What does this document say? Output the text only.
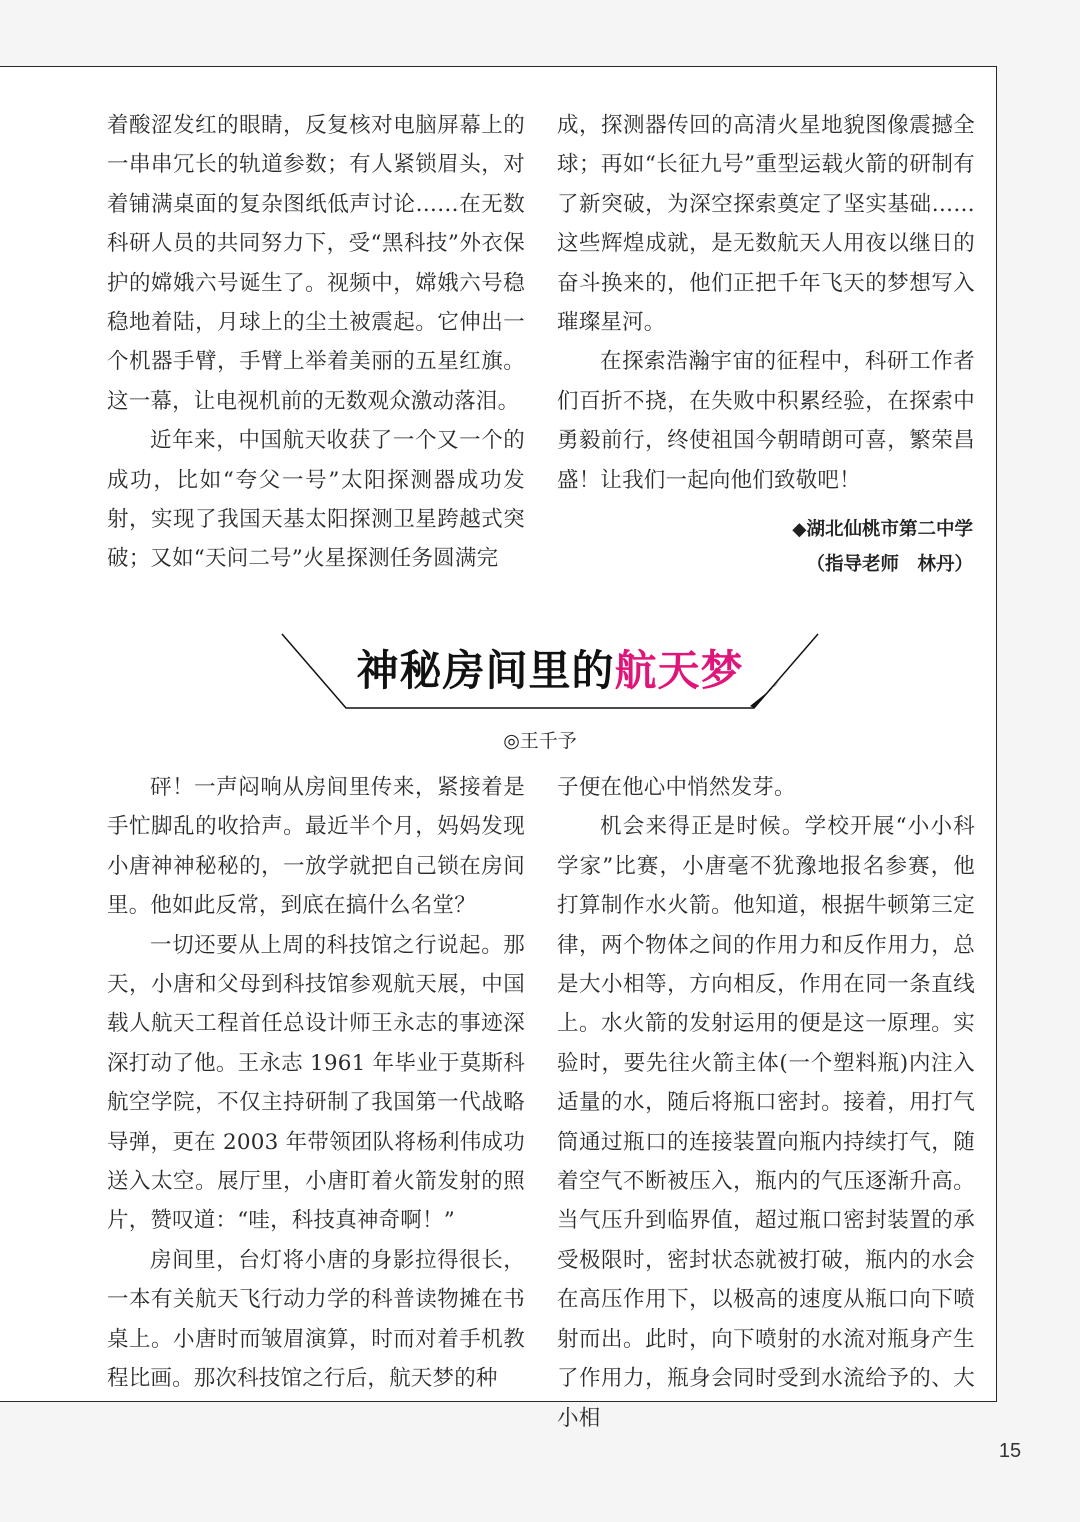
着酸涩发红的眼睛，反复核对电脑屏幕上的一串串冗长的轨道参数；有人紧锁眉头，对着铺满桌面的复杂图纸低声讨论……在无数科研人员的共同努力下，受“黑科技”外衣保护的嫦娥六号诞生了。视频中，嫦娥六号稳稳地着陆，月球上的尘土被震起。它伸出一个机器手臂，手臂上举着美丽的五星红旗。这一幕，让电视机前的无数观众激动落泪。

近年来，中国航天收获了一个又一个的成功，比如“夸父一号”太阳探测器成功发射，实现了我国天基太阳探测卫星跨越式突破；又如“天问二号”火星探测任务圆满完

成，探测器传回的高清火星地貌图像震撼全球；再如“长征九号”重型运载火箭的研制有了新突破，为深空探索奠定了坚实基础……这些辉煌成就，是无数航天人用夜以继日的奋斗换来的，他们正把千年飞天的梦想写入璀璨星河。

在探索浩瀚宇宙的征程中，科研工作者们百折不挠，在失败中积累经验，在探索中勇毅前行，终使祖国今朝晴朗可喜，繁荣昌盛！让我们一起向他们致敬吧！

◆湖北仙桃市第二中学
（指导老师　林丹）
神秘房间里的航天梦
◎王千予

砰！一声闷响从房间里传来，紧接着是手忙脚乱的收拾声。最近半个月，妈妈发现小唐神神秘秘的，一放学就把自己锁在房间里。他如此反常，到底在搞什么名堂？

一切还要从上周的科技馆之行说起。那天，小唐和父母到科技馆参观航天展，中国载人航天工程首任总设计师王永志的事迹深深打动了他。王永志 1961 年毕业于莫斯科航空学院，不仅主持研制了我国第一代战略导弹，更在 2003 年带领团队将杨利伟成功送入太空。展厅里，小唐盯着火箭发射的照片，赞叹道：“哇，科技真神奇啊！”

房间里，台灯将小唐的身影拉得很长，一本有关航天飞行动力学的科普读物摊在书桌上。小唐时而皱眉演算，时而对着手机教程比画。那次科技馆之行后，航天梦的种

子便在他心中悄然发芽。

机会来得正是时候。学校开展“小小科学家”比赛，小唐毫不犹豫地报名参赛，他打算制作水火箭。他知道，根据牛顿第三定律，两个物体之间的作用力和反作用力，总是大小相等，方向相反，作用在同一条直线上。水火箭的发射运用的便是这一原理。实验时，要先往火箭主体(一个塑料瓶)内注入适量的水，随后将瓶口密封。接着，用打气筒通过瓶口的连接装置向瓶内持续打气，随着空气不断被压入，瓶内的气压逐渐升高。当气压升到临界值，超过瓶口密封装置的承受极限时，密封状态就被打破，瓶内的水会在高压作用下，以极高的速度从瓶口向下喷射而出。此时，向下喷射的水流对瓶身产生了作用力，瓶身会同时受到水流给予的、大小相

15
